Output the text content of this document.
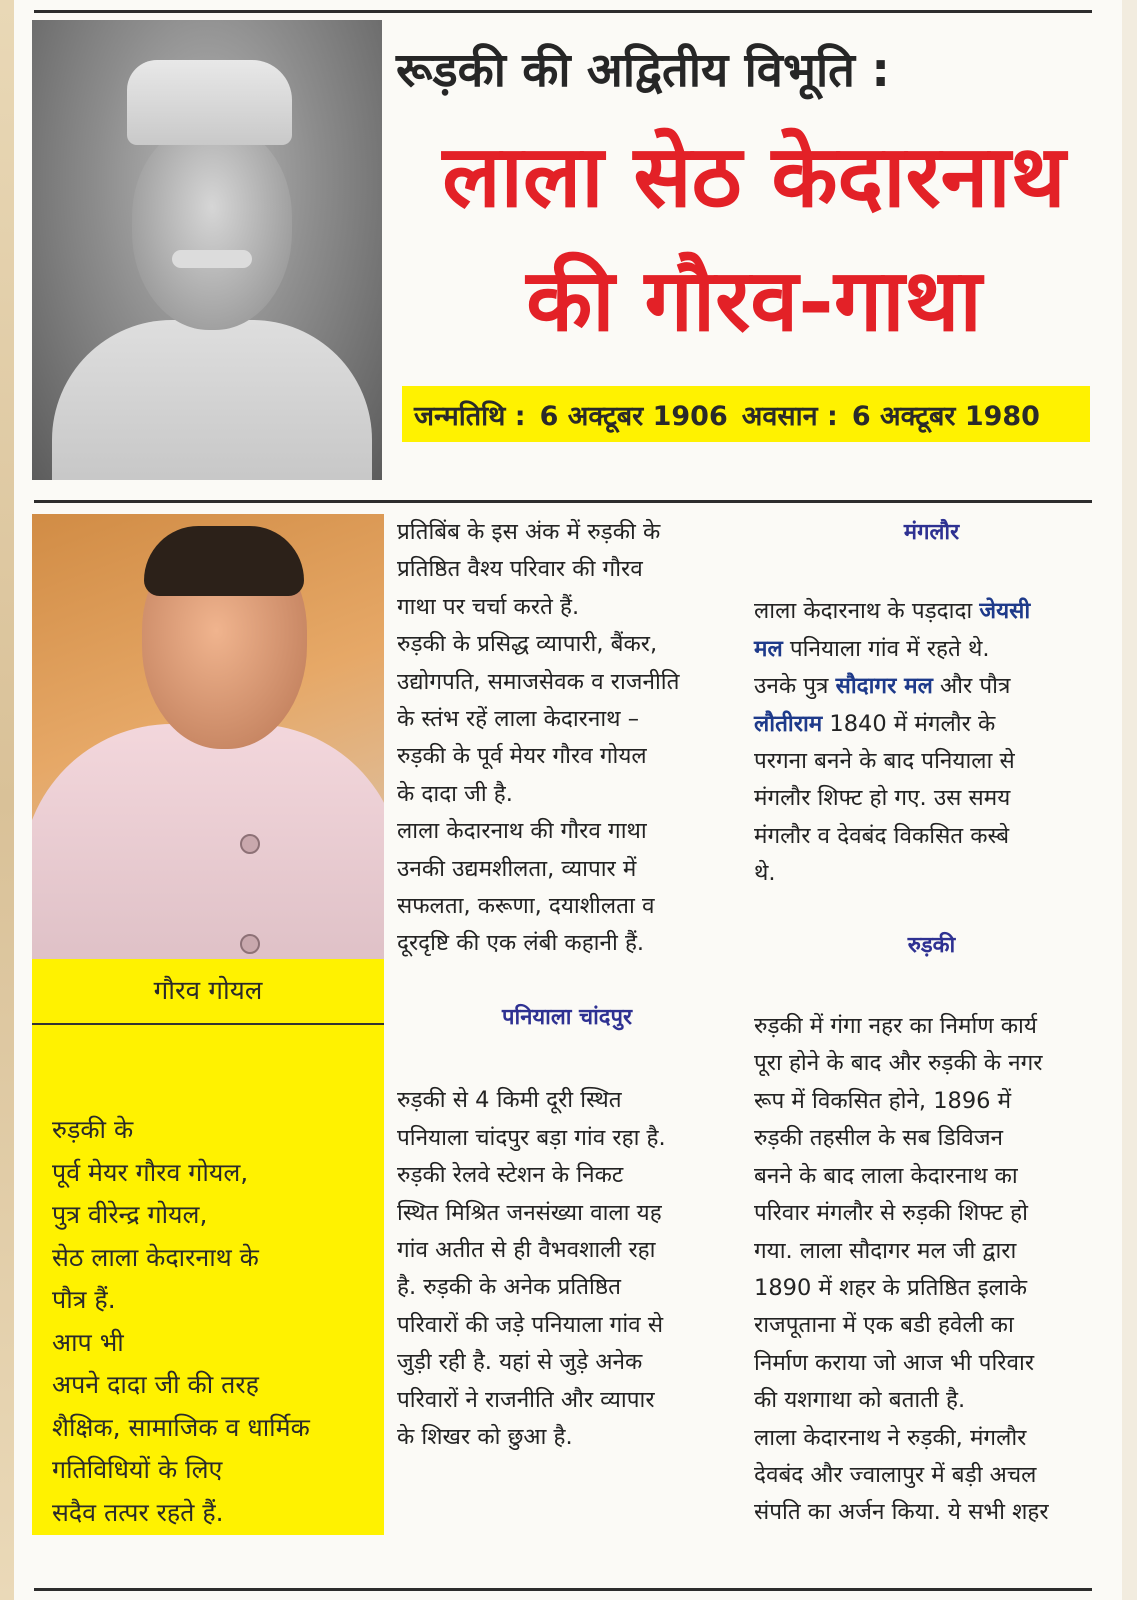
रूड़की की अद्वितीय विभूति :
लाला सेठ केदारनाथ
की गौरव-गाथा
जन्मतिथि : 6 अक्टूबर 1906 अवसान : 6 अक्टूबर 1980
गौरव गोयल
रुड़की के
पूर्व मेयर गौरव गोयल,
पुत्र वीरेन्द्र गोयल,
सेठ लाला केदारनाथ के
पौत्र हैं.
आप भी
अपने दादा जी की तरह
शैक्षिक, सामाजिक व धार्मिक
गतिविधियों के लिए
सदैव तत्पर रहते हैं.
प्रतिबिंब के इस अंक में रुड़की के
प्रतिष्ठित वैश्य परिवार की गौरव
गाथा पर चर्चा करते हैं.
रुड़की के प्रसिद्ध व्यापारी, बैंकर,
उद्योगपति, समाजसेवक व राजनीति
के स्तंभ रहें लाला केदारनाथ –
रुड़की के पूर्व मेयर गौरव गोयल
के दादा जी है.
लाला केदारनाथ की गौरव गाथा
उनकी उद्यमशीलता, व्यापार में
सफलता, करूणा, दयाशीलता व
दूरदृष्टि की एक लंबी कहानी हैं.
पनियाला चांदपुर
रुड़की से 4 किमी दूरी स्थित
पनियाला चांदपुर बड़ा गांव रहा है.
रुड़की रेलवे स्टेशन के निकट
स्थित मिश्रित जनसंख्या वाला यह
गांव अतीत से ही वैभवशाली रहा
है. रुड़की के अनेक प्रतिष्ठित
परिवारों की जड़े पनियाला गांव से
जुड़ी रही है. यहां से जुड़े अनेक
परिवारों ने राजनीति और व्यापार
के शिखर को छुआ है.
मंगलौर
लाला केदारनाथ के पड़दादा जेयसी
मल पनियाला गांव में रहते थे.
उनके पुत्र सौदागर मल और पौत्र
लौतीराम 1840 में मंगलौर के
परगना बनने के बाद पनियाला से
मंगलौर शिफ्ट हो गए. उस समय
मंगलौर व देवबंद विकसित कस्बे
थे.
रुड़की
रुड़की में गंगा नहर का निर्माण कार्य
पूरा होने के बाद और रुड़की के नगर
रूप में विकसित होने, 1896 में
रुड़की तहसील के सब डिविजन
बनने के बाद लाला केदारनाथ का
परिवार मंगलौर से रुड़की शिफ्ट हो
गया. लाला सौदागर मल जी द्वारा
1890 में शहर के प्रतिष्ठित इलाके
राजपूताना में एक बडी हवेली का
निर्माण कराया जो आज भी परिवार
की यशगाथा को बताती है.
लाला केदारनाथ ने रुड़की, मंगलौर
देवबंद और ज्वालापुर में बड़ी अचल
संपति का अर्जन किया. ये सभी शहर
